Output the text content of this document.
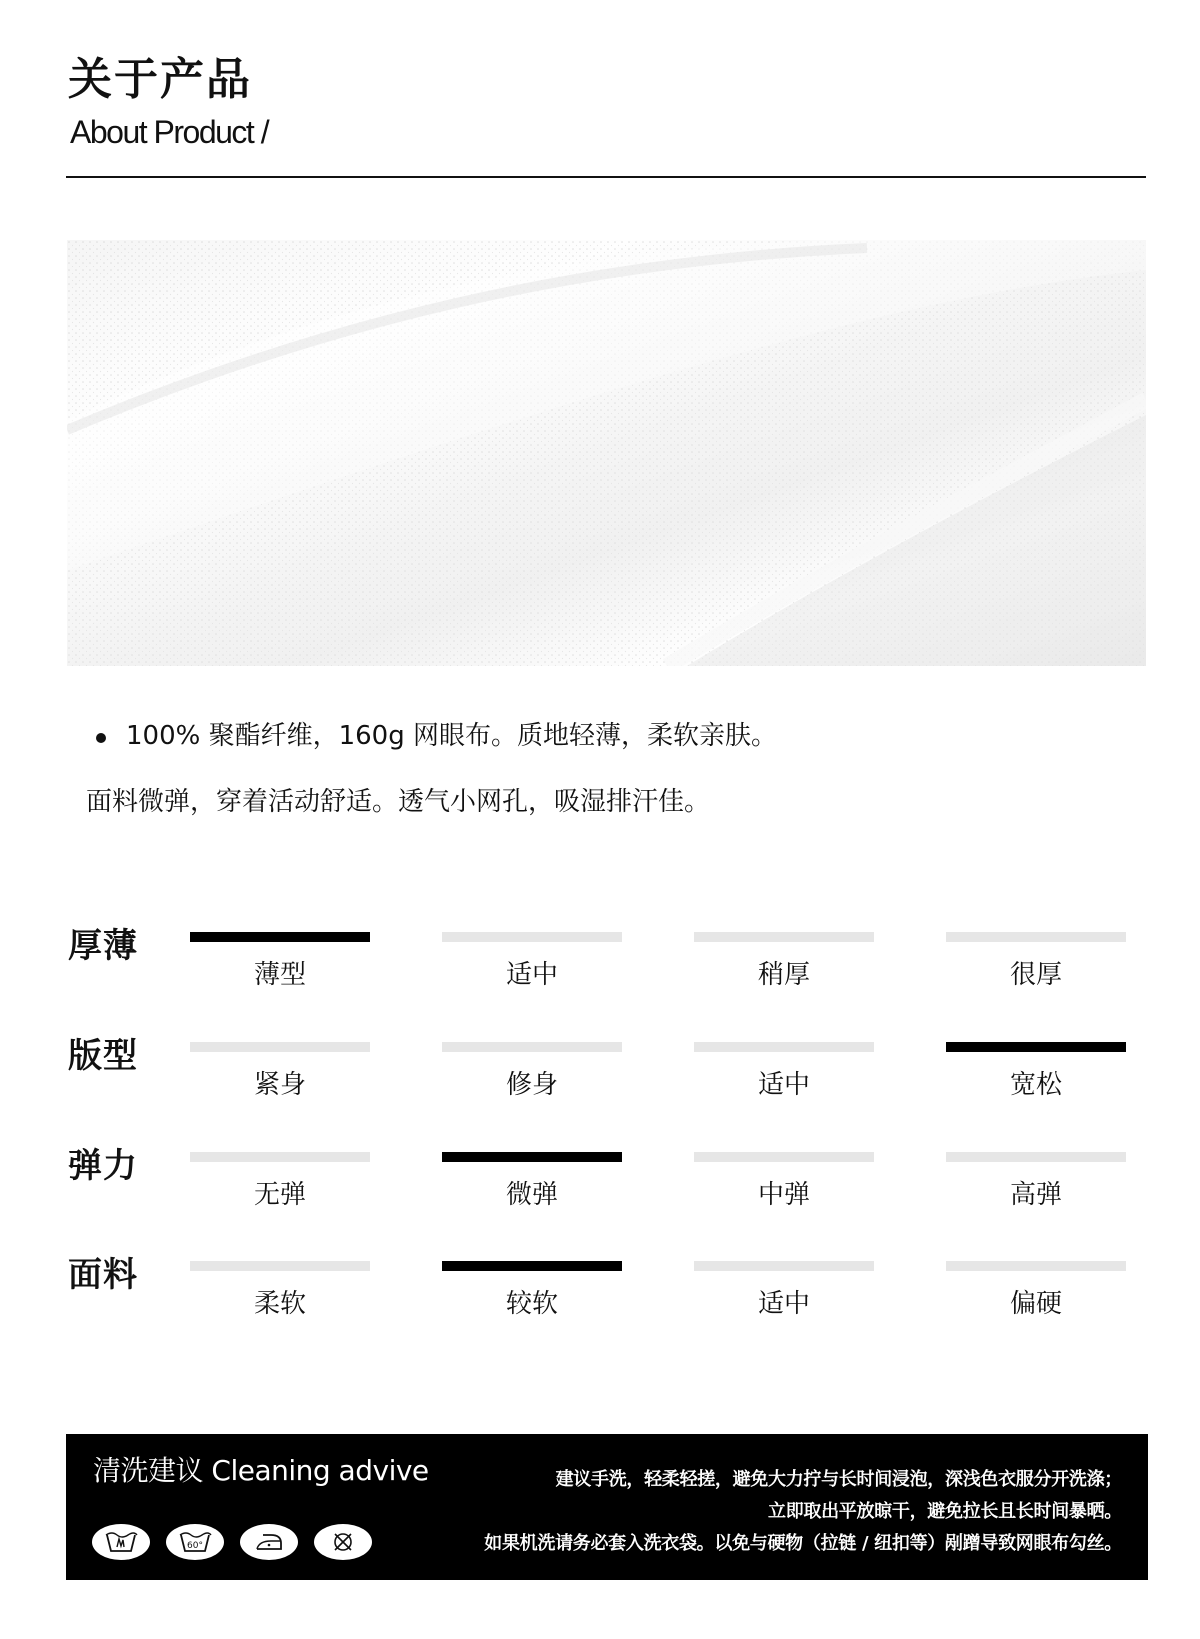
关于产品
About Product /
100% 聚酯纤维，160g 网眼布。质地轻薄，柔软亲肤。
面料微弹，穿着活动舒适。透气小网孔，吸湿排汗佳。
厚薄
薄型	适中	稍厚	很厚
版型
紧身	修身	适中	宽松
弹力
无弹	微弹	中弹	高弹
面料
柔软	较软	适中	偏硬
清洗建议 Cleaning advive	建议手洗，轻柔轻搓，避免大力拧与长时间浸泡，深浅色衣服分开洗涤；
立即取出平放晾干，避免拉长且长时间暴晒。
如果机洗请务必套入洗衣袋。以免与硬物（拉链 / 纽扣等）剐蹭导致网眼布勾丝。
60°
